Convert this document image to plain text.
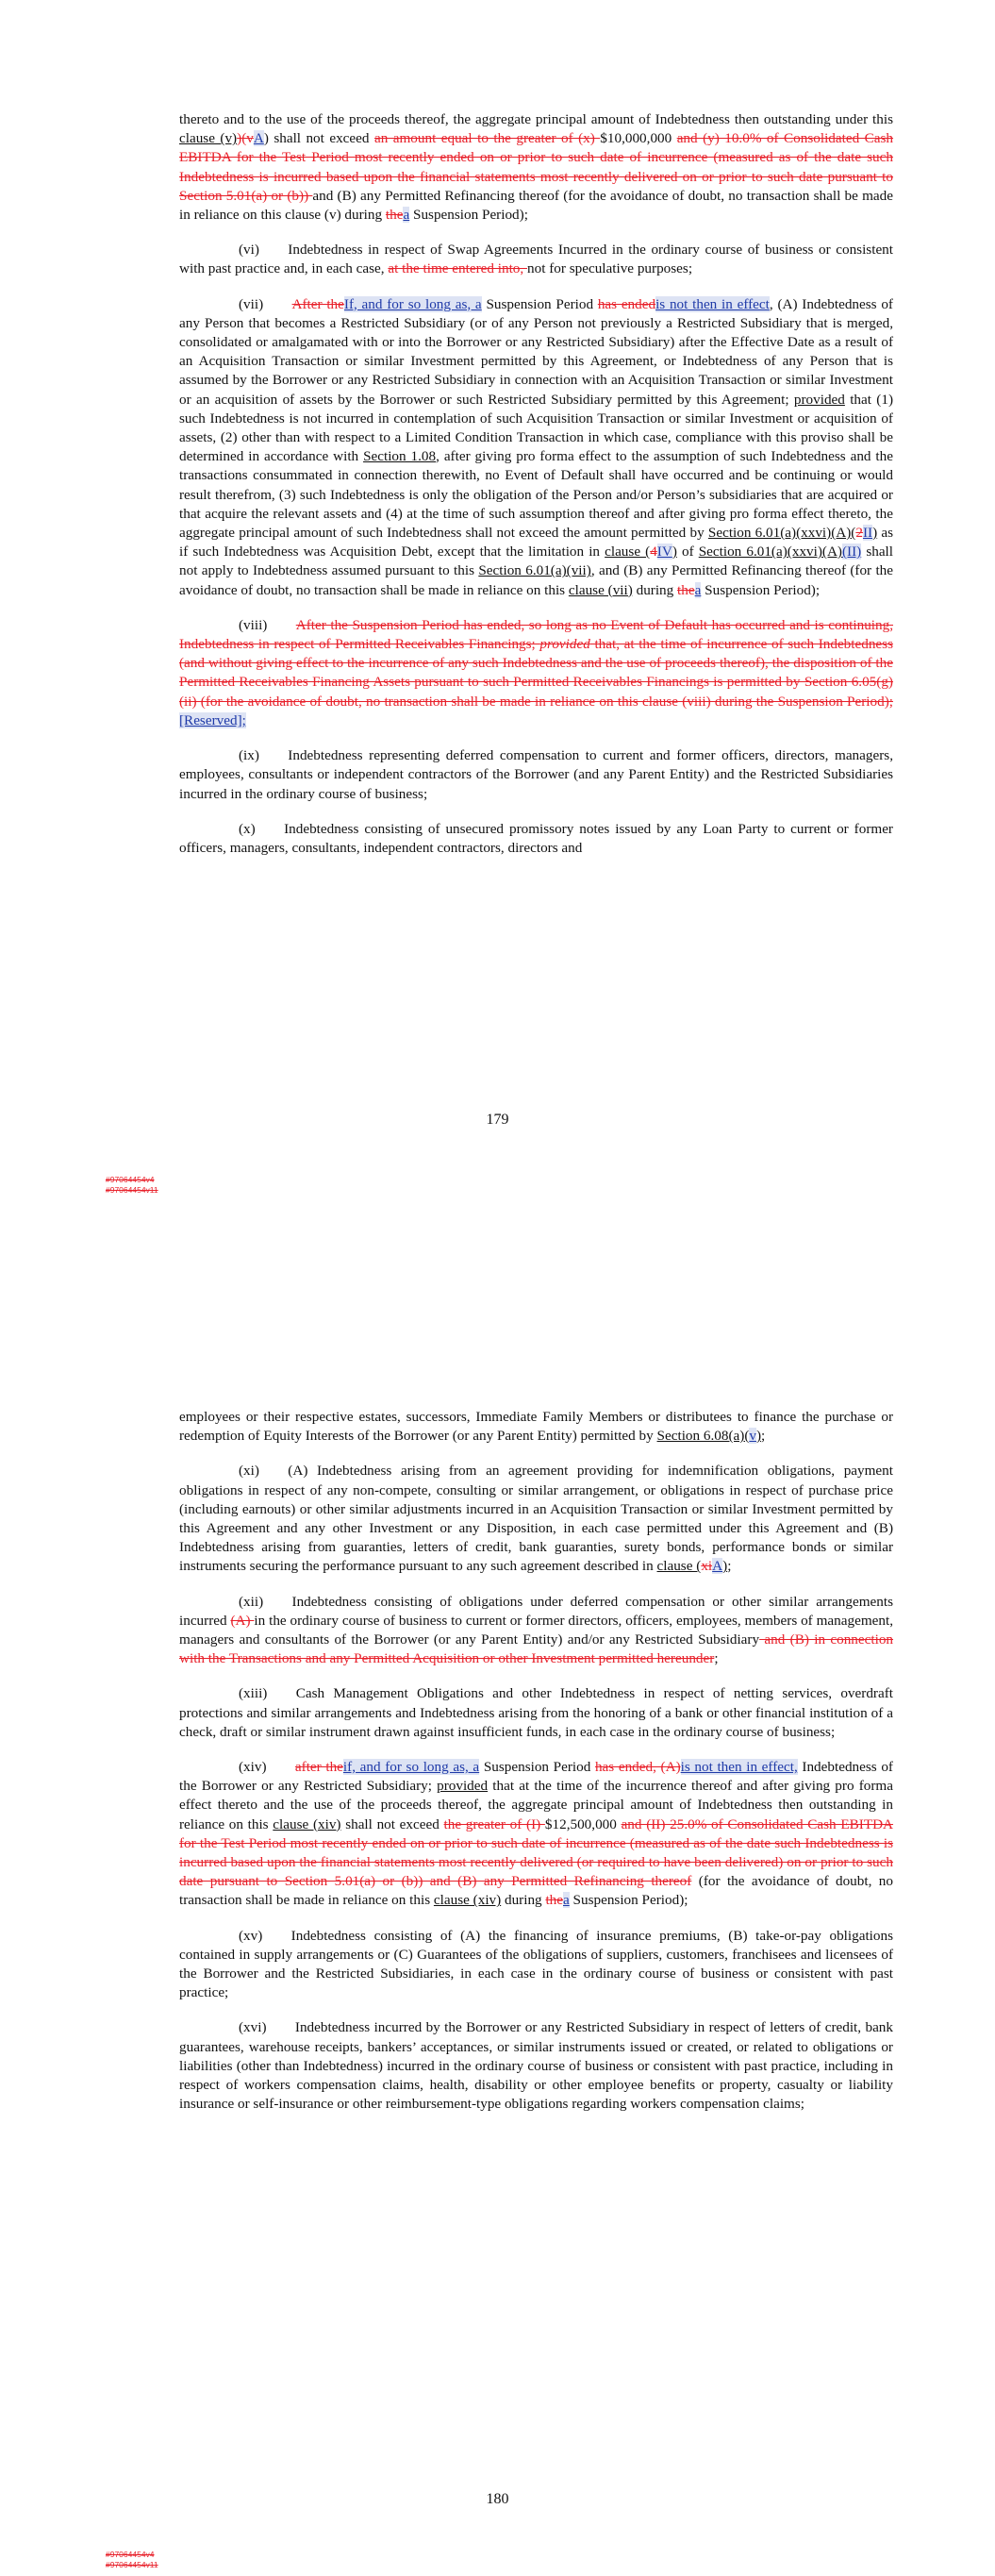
thereto and to the use of the proceeds thereof, the aggregate principal amount of Indebtedness then outstanding under this clause (v))(vA) shall not exceed an amount equal to the greater of (x) $10,000,000 and (y) 10.0% of Consolidated Cash EBITDA for the Test Period most recently ended on or prior to such date of incurrence (measured as of the date such Indebtedness is incurred based upon the financial statements most recently delivered on or prior to such date pursuant to Section 5.01(a) or (b)) and (B) any Permitted Refinancing thereof (for the avoidance of doubt, no transaction shall be made in reliance on this clause (v) during thea Suspension Period);

(vi)  Indebtedness in respect of Swap Agreements Incurred in the ordinary course of business or consistent with past practice and, in each case, at the time entered into, not for speculative purposes;

(vii)  After theIf, and for so long as, a Suspension Period has endedis not then in effect, (A) Indebtedness of any Person that becomes a Restricted Subsidiary (or of any Person not previously a Restricted Subsidiary that is merged, consolidated or amalgamated with or into the Borrower or any Restricted Subsidiary) after the Effective Date as a result of an Acquisition Transaction or similar Investment permitted by this Agreement, or Indebtedness of any Person that is assumed by the Borrower or any Restricted Subsidiary in connection with an Acquisition Transaction or similar Investment or an acquisition of assets by the Borrower or such Restricted Subsidiary permitted by this Agreement; provided that (1) such Indebtedness is not incurred in contemplation of such Acquisition Transaction or similar Investment or acquisition of assets, (2) other than with respect to a Limited Condition Transaction in which case, compliance with this proviso shall be determined in accordance with Section 1.08, after giving pro forma effect to the assumption of such Indebtedness and the transactions consummated in connection therewith, no Event of Default shall have occurred and be continuing or would result therefrom, (3) such Indebtedness is only the obligation of the Person and/or Person’s subsidiaries that are acquired or that acquire the relevant assets and (4) at the time of such assumption thereof and after giving pro forma effect thereto, the aggregate principal amount of such Indebtedness shall not exceed the amount permitted by Section 6.01(a)(xxvi)(A)(2II) as if such Indebtedness was Acquisition Debt, except that the limitation in clause (4IV) of Section 6.01(a)(xxvi)(A)(II) shall not apply to Indebtedness assumed pursuant to this Section 6.01(a)(vii), and (B) any Permitted Refinancing thereof (for the avoidance of doubt, no transaction shall be made in reliance on this clause (vii) during thea Suspension Period);

(viii)  After the Suspension Period has ended, so long as no Event of Default has occurred and is continuing, Indebtedness in respect of Permitted Receivables Financings; provided that, at the time of incurrence of such Indebtedness (and without giving effect to the incurrence of any such Indebtedness and the use of proceeds thereof), the disposition of the Permitted Receivables Financing Assets pursuant to such Permitted Receivables Financings is permitted by Section 6.05(g)(ii) (for the avoidance of doubt, no transaction shall be made in reliance on this clause (viii) during the Suspension Period);[Reserved];

(ix)  Indebtedness representing deferred compensation to current and former officers, directors, managers, employees, consultants or independent contractors of the Borrower (and any Parent Entity) and the Restricted Subsidiaries incurred in the ordinary course of business;

(x)  Indebtedness consisting of unsecured promissory notes issued by any Loan Party to current or former officers, managers, consultants, independent contractors, directors and

179
#97064454v4
#97064454v11

employees or their respective estates, successors, Immediate Family Members or distributees to finance the purchase or redemption of Equity Interests of the Borrower (or any Parent Entity) permitted by Section 6.08(a)(v);

(xi)  (A) Indebtedness arising from an agreement providing for indemnification obligations, payment obligations in respect of any non-compete, consulting or similar arrangement, or obligations in respect of purchase price (including earnouts) or other similar adjustments incurred in an Acquisition Transaction or similar Investment permitted by this Agreement and any other Investment or any Disposition, in each case permitted under this Agreement and (B) Indebtedness arising from guaranties, letters of credit, bank guaranties, surety bonds, performance bonds or similar instruments securing the performance pursuant to any such agreement described in clause (xiA);

(xii)  Indebtedness consisting of obligations under deferred compensation or other similar arrangements incurred (A) in the ordinary course of business to current or former directors, officers, employees, members of management, managers and consultants of the Borrower (or any Parent Entity) and/or any Restricted Subsidiary and (B) in connection with the Transactions and any Permitted Acquisition or other Investment permitted hereunder;

(xiii)  Cash Management Obligations and other Indebtedness in respect of netting services, overdraft protections and similar arrangements and Indebtedness arising from the honoring of a bank or other financial institution of a check, draft or similar instrument drawn against insufficient funds, in each case in the ordinary course of business;

(xiv)  after theif, and for so long as, a Suspension Period has ended, (A)is not then in effect, Indebtedness of the Borrower or any Restricted Subsidiary; provided that at the time of the incurrence thereof and after giving pro forma effect thereto and the use of the proceeds thereof, the aggregate principal amount of Indebtedness then outstanding in reliance on this clause (xiv) shall not exceed the greater of (I) $12,500,000 and (II) 25.0% of Consolidated Cash EBITDA for the Test Period most recently ended on or prior to such date of incurrence (measured as of the date such Indebtedness is incurred based upon the financial statements most recently delivered (or required to have been delivered) on or prior to such date pursuant to Section 5.01(a) or (b)) and (B) any Permitted Refinancing thereof (for the avoidance of doubt, no transaction shall be made in reliance on this clause (xiv) during thea Suspension Period);

(xv)  Indebtedness consisting of (A) the financing of insurance premiums, (B) take-or-pay obligations contained in supply arrangements or (C) Guarantees of the obligations of suppliers, customers, franchisees and licensees of the Borrower and the Restricted Subsidiaries, in each case in the ordinary course of business or consistent with past practice;

(xvi)  Indebtedness incurred by the Borrower or any Restricted Subsidiary in respect of letters of credit, bank guarantees, warehouse receipts, bankers’ acceptances, or similar instruments issued or created, or related to obligations or liabilities (other than Indebtedness) incurred in the ordinary course of business or consistent with past practice, including in respect of workers compensation claims, health, disability or other employee benefits or property, casualty or liability insurance or self-insurance or other reimbursement-type obligations regarding workers compensation claims;

180
#97064454v4
#97064454v11
